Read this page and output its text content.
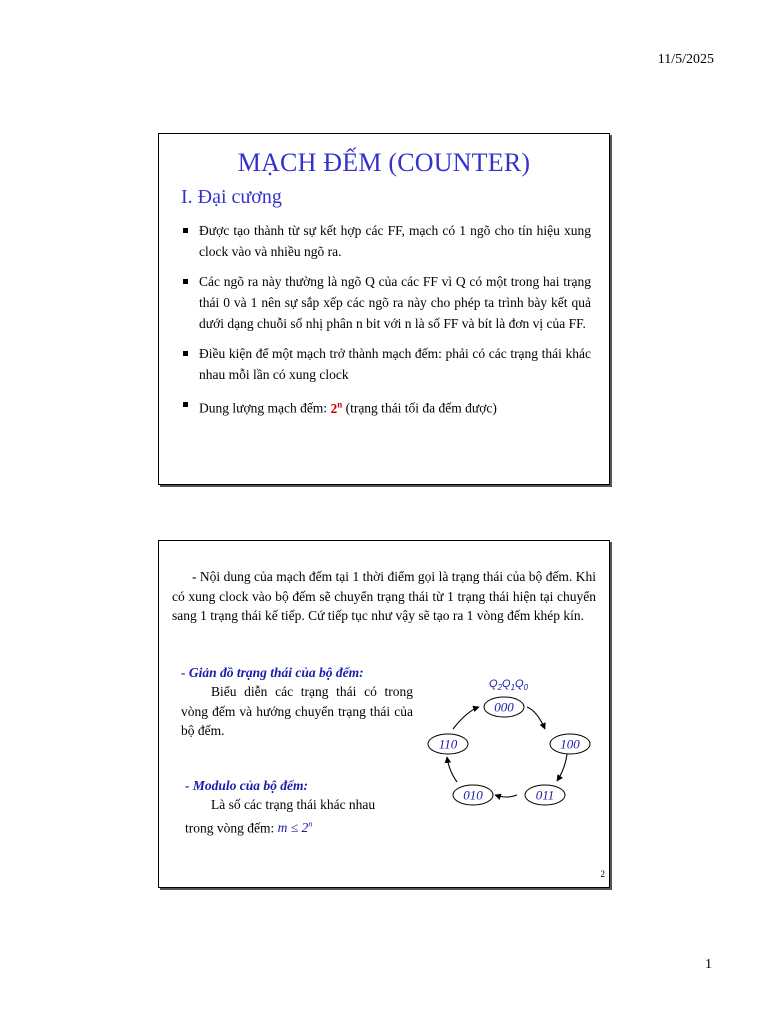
11/5/2025
MẠCH ĐẾM (COUNTER)
I. Đại cương
Được tạo thành từ sự kết hợp các FF, mạch có 1 ngõ cho tín hiệu xung clock vào và nhiều ngõ ra.
Các ngõ ra này thường là ngõ Q của các FF vì Q có một trong hai trạng thái 0 và 1 nên sự sắp xếp các ngõ ra này cho phép ta trình bày kết quả dưới dạng chuỗi số nhị phân n bit với n là số FF và bít là đơn vị của FF.
Điều kiện để một mạch trở thành mạch đếm: phải có các trạng thái khác nhau mỗi lần có xung clock
Dung lượng mạch đếm: 2$^n$ (trạng thái tối đa đếm được)

- Nội dung của mạch đếm tại 1 thời điểm gọi là trạng thái của bộ đếm. Khi có xung clock vào bộ đếm sẽ chuyển trạng thái từ 1 trạng thái hiện tại chuyển sang 1 trạng thái kế tiếp. Cứ tiếp tục như vậy sẽ tạo ra 1 vòng đếm khép kín.

- Giản đồ trạng thái của bộ đếm:

Biểu diễn các trạng thái có trong vòng đếm và hướng chuyển trạng thái của bộ đếm.

- Modulo của bộ đếm:

Là số các trạng thái khác nhau trong vòng đếm: $m \le 2^n$

$Q_2Q_1Q_0$
000
100
011
010
110
2
1
